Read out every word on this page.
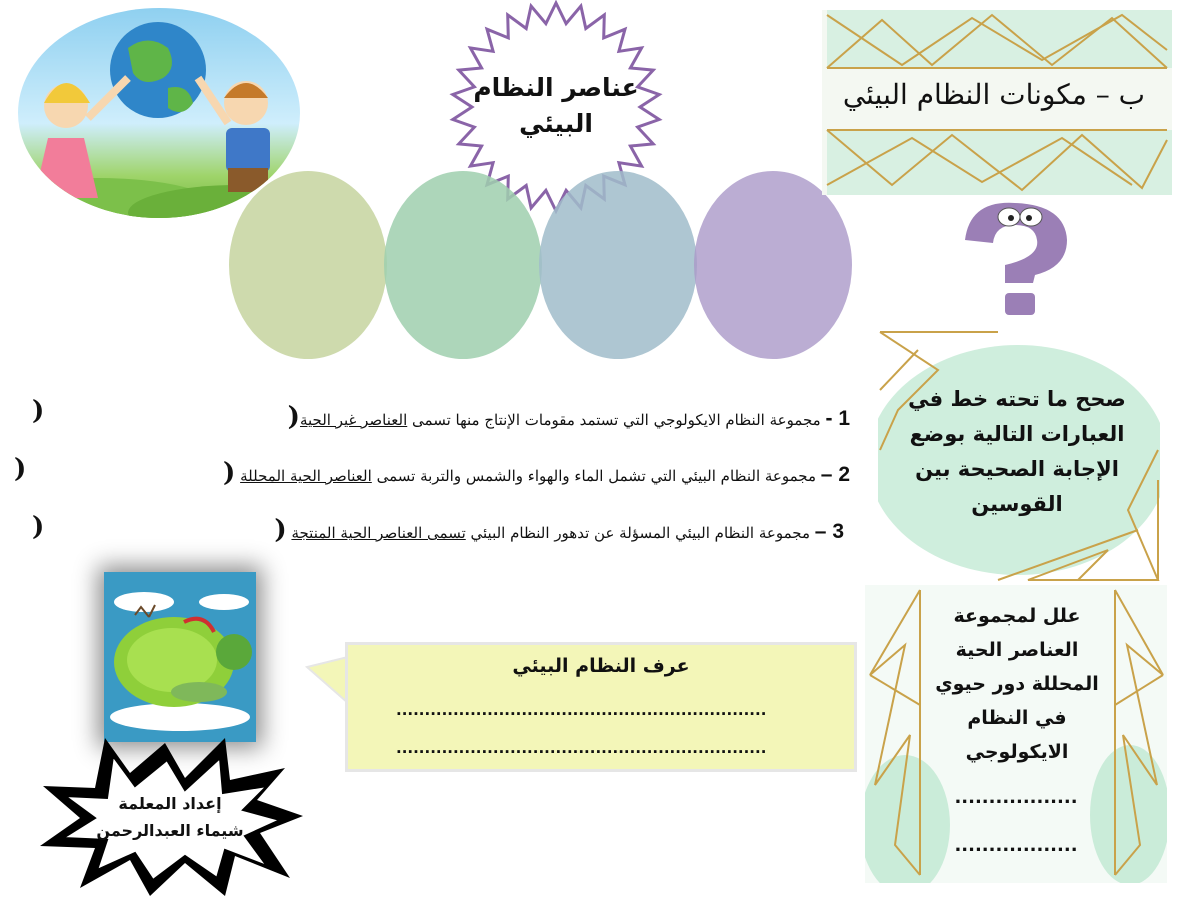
عناصر النظام
البيئي
ب – مكونات النظام البيئي
صحح ما تحته خط في العبارات التالية بوضع الإجابة الصحيحة بين القوسين
علل لمجموعة العناصر الحية المحللة دور حيوي في النظام الايكولوجي
..................
..................
1 - مجموعة النظام الايكولوجي التي تستمد مقومات الإنتاج منها تسمى العناصر غير الحية(
)
2 – مجموعة النظام البيئي التي تشمل الماء والهواء والشمس والتربة تسمى العناصر الحية المحللة (
)
3 – مجموعة النظام البيئي المسؤلة عن تدهور النظام البيئي تسمى العناصر الحية المنتجة (
)
عرف النظام البيئي
.................................................................
.................................................................
إعداد المعلمة
شيماء العبدالرحمن
